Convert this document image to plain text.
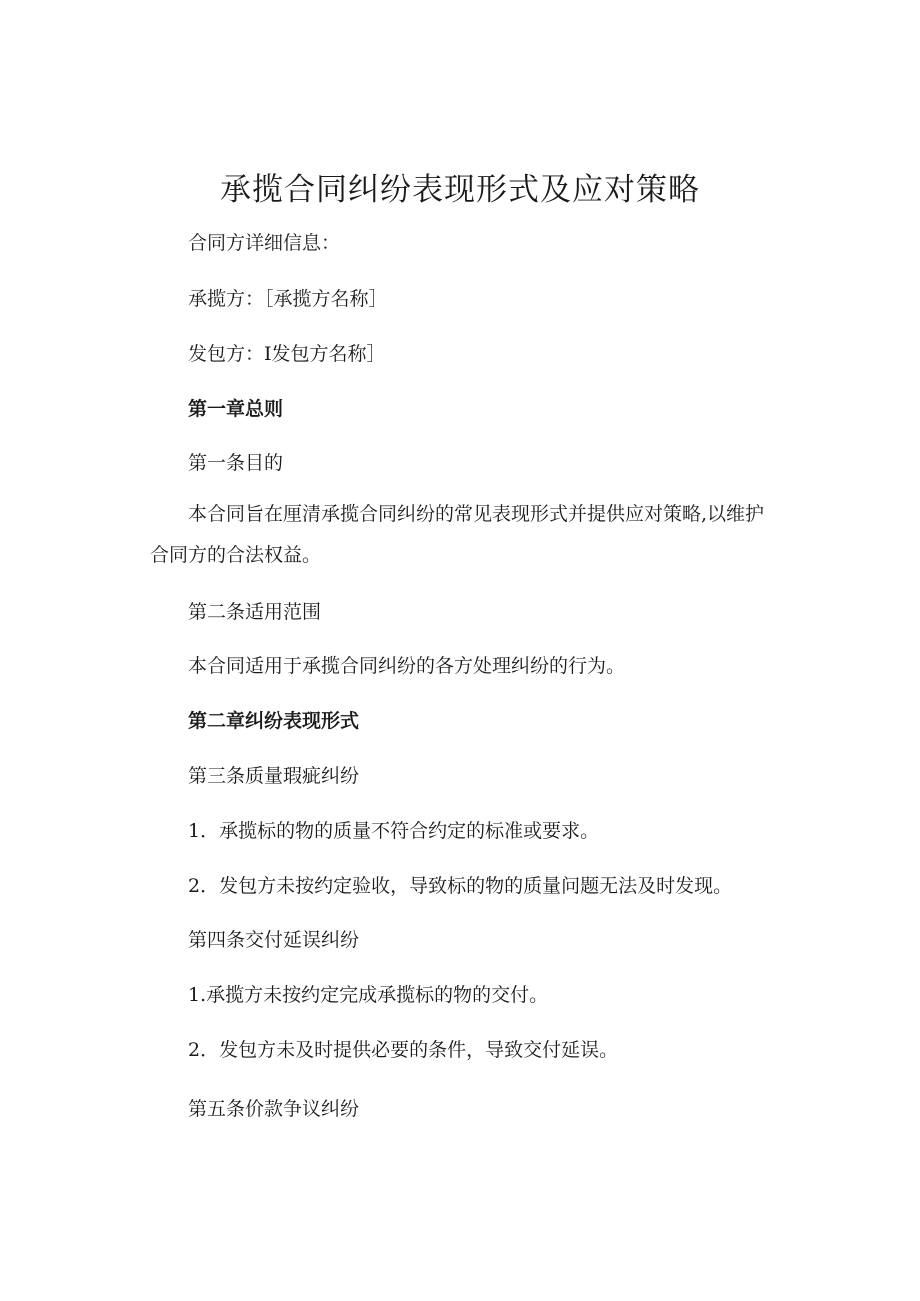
承揽合同纠纷表现形式及应对策略
合同方详细信息：
承揽方：［承揽方名称］
发包方：I发包方名称］
第一章总则
第一条目的
本合同旨在厘清承揽合同纠纷的常见表现形式并提供应对策略,以维护合同方的合法权益。
第二条适用范围
本合同适用于承揽合同纠纷的各方处理纠纷的行为。
第二章纠纷表现形式
第三条质量瑕疵纠纷
1．承揽标的物的质量不符合约定的标准或要求。
2．发包方未按约定验收，导致标的物的质量问题无法及时发现。
第四条交付延误纠纷
1.承揽方未按约定完成承揽标的物的交付。
2．发包方未及时提供必要的条件，导致交付延误。
第五条价款争议纠纷
